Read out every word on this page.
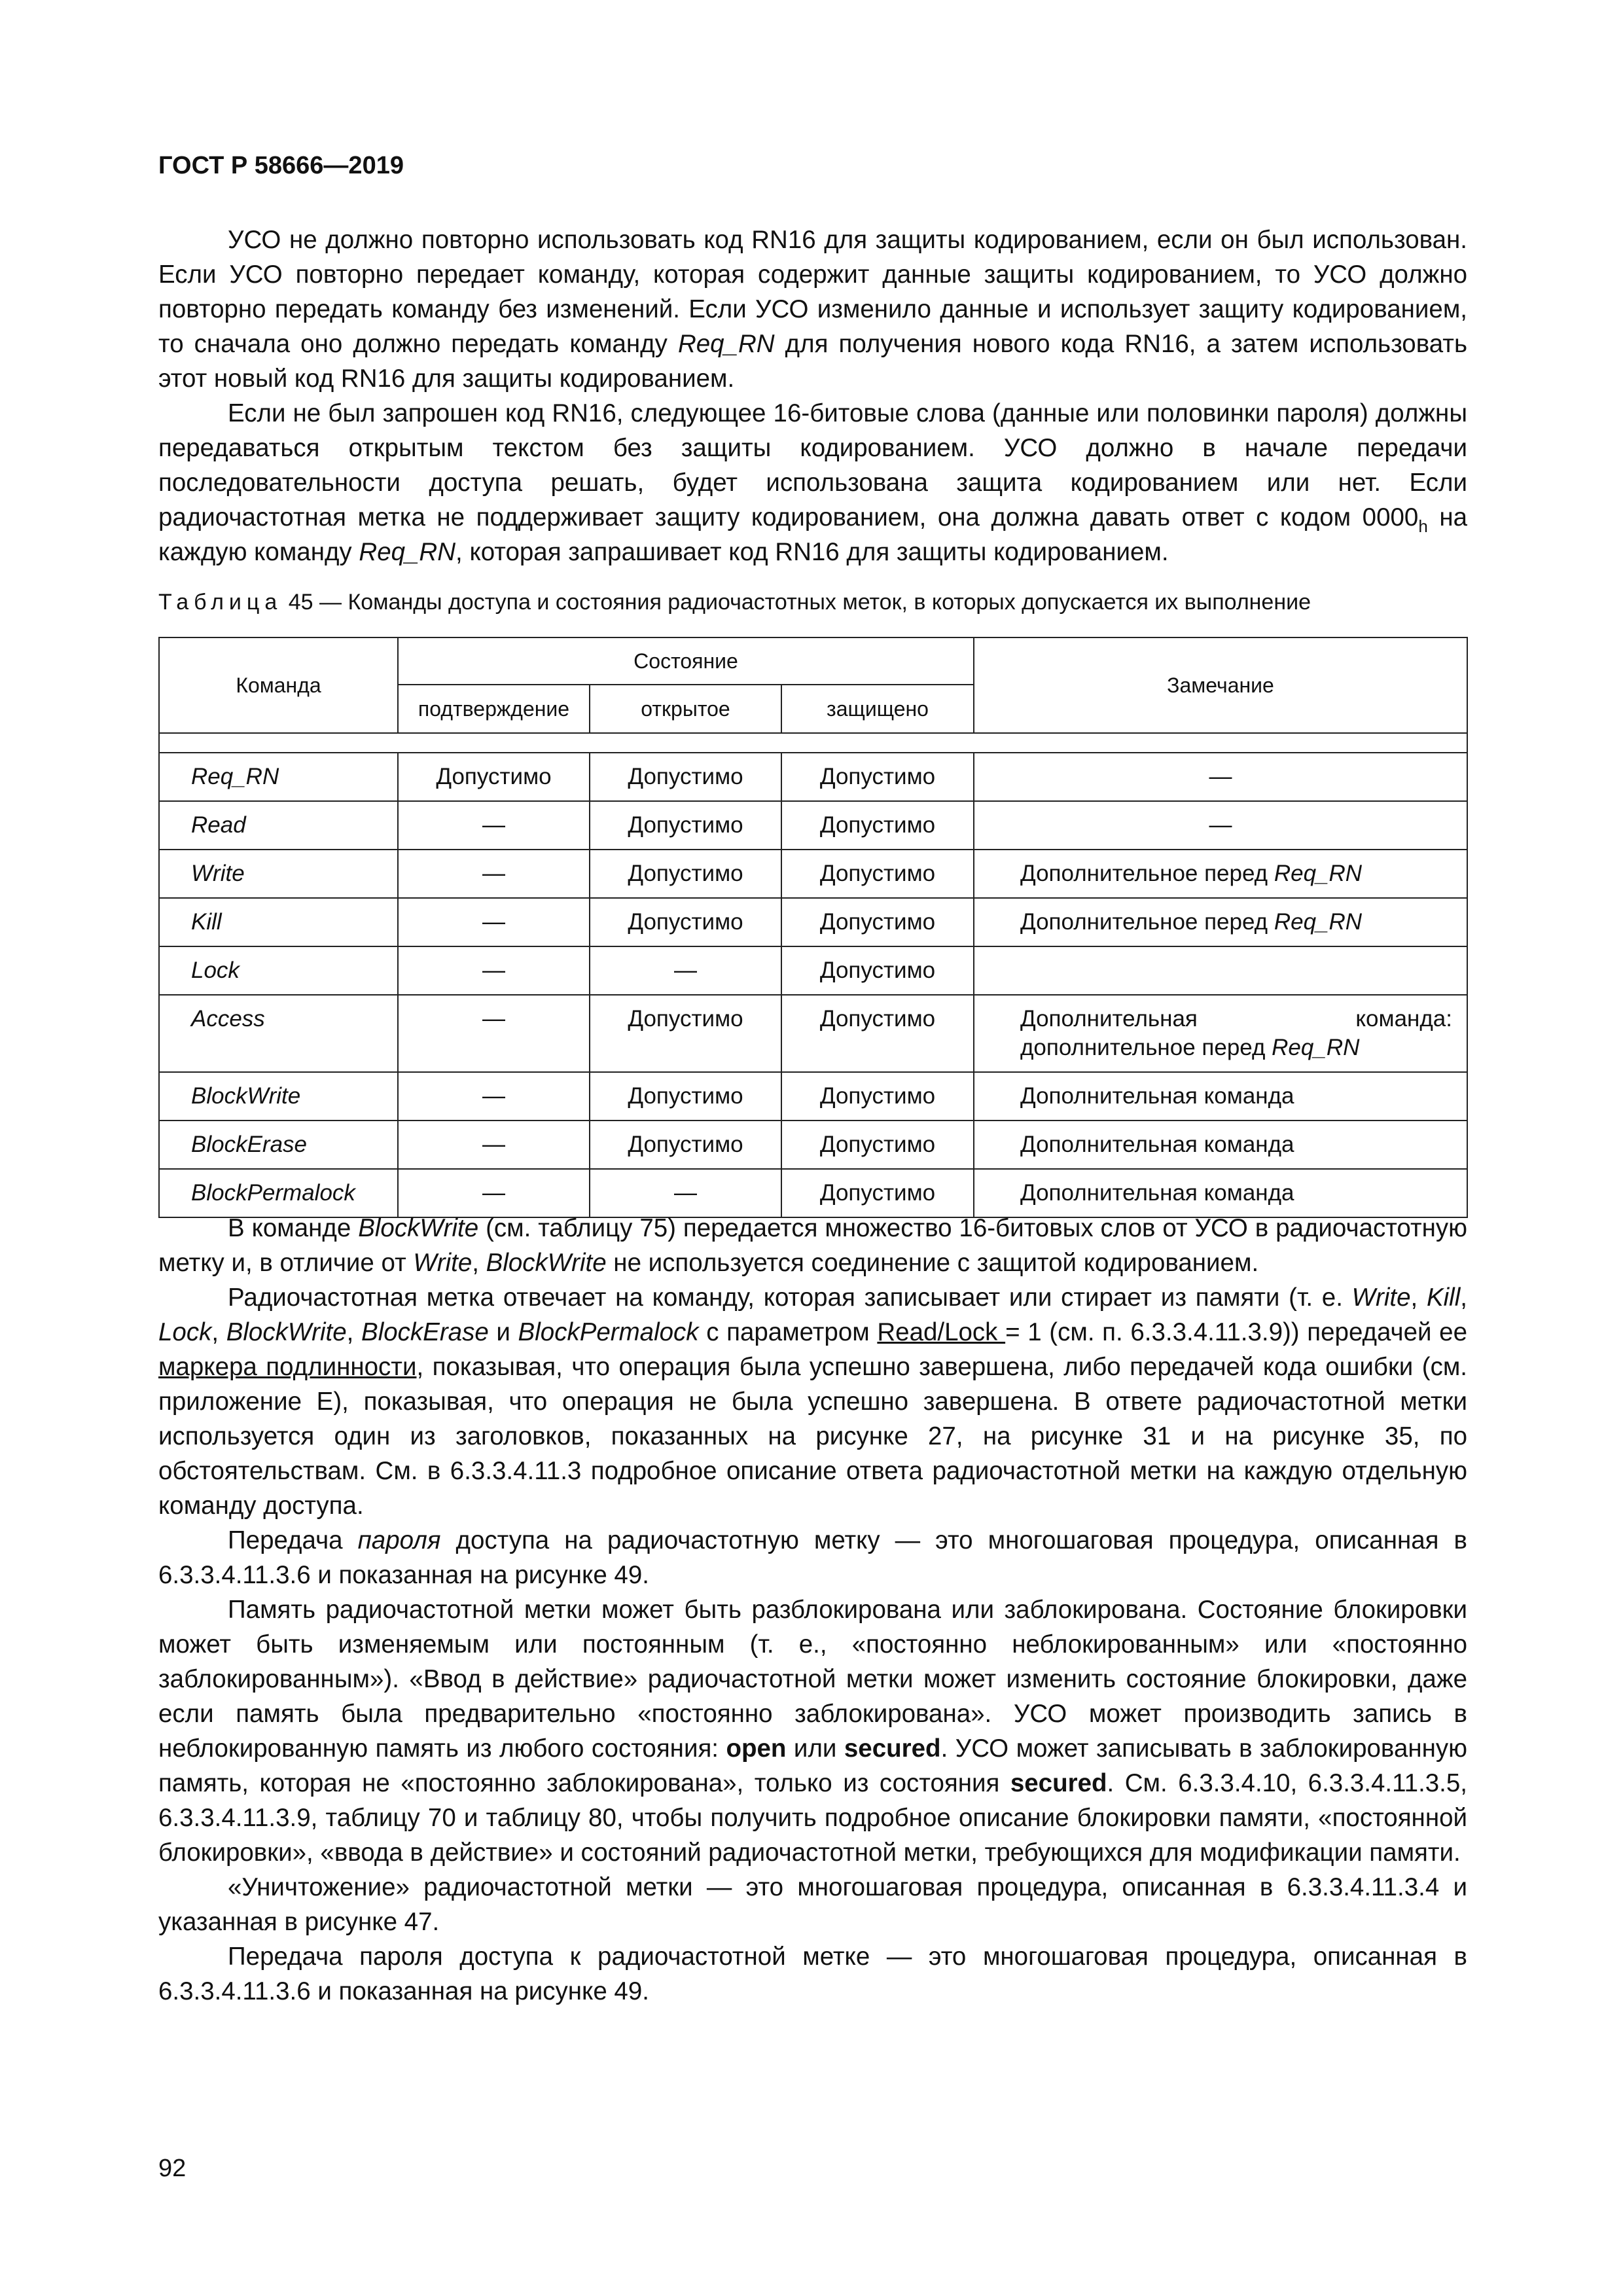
ГОСТ Р 58666—2019

УСО не должно повторно использовать код RN16 для защиты кодированием, если он был использован. Если УСО повторно передает команду, которая содержит данные защиты кодированием, то УСО должно повторно передать команду без изменений. Если УСО изменило данные и использует защиту кодированием, то сначала оно должно передать команду Req_RN для получения нового кода RN16, а затем использовать этот новый код RN16 для защиты кодированием.

Если не был запрошен код RN16, следующее 16-битовые слова (данные или половинки пароля) должны передаваться открытым текстом без защиты кодированием. УСО должно в начале передачи последовательности доступа решать, будет использована защита кодированием или нет. Если радиочастотная метка не поддерживает защиту кодированием, она должна давать ответ с кодом $0000_h$ на каждую команду Req_RN, которая запрашивает код RN16 для защиты кодированием.

Таблица 45 — Команды доступа и состояния радиочастотных меток, в которых допускается их выполнение

Команда	Состояние			Замечание
	подтверждение	открытое	защищено	

Req_RN	Допустимо	Допустимо	Допустимо	—
Read	—	Допустимо	Допустимо	—
Write	—	Допустимо	Допустимо	Дополнительное перед Req_RN
Kill	—	Допустимо	Допустимо	Дополнительное перед Req_RN
Lock	—	—	Допустимо	
Access	—	Допустимо	Допустимо	Дополнительная команда: дополнительное перед Req_RN
BlockWrite	—	Допустимо	Допустимо	Дополнительная команда
BlockErase	—	Допустимо	Допустимо	Дополнительная команда
BlockPermalock	—	—	Допустимо	Дополнительная команда

В команде BlockWrite (см. таблицу 75) передается множество 16-битовых слов от УСО в радиочастотную метку и, в отличие от Write, BlockWrite не используется соединение с защитой кодированием.

Радиочастотная метка отвечает на команду, которая записывает или стирает из памяти (т. е. Write, Kill, Lock, BlockWrite, BlockErase и BlockPermalock с параметром Read/Lock = 1 (см. п. 6.3.3.4.11.3.9)) передачей ее маркера подлинности, показывая, что операция была успешно завершена, либо передачей кода ошибки (см. приложение Е), показывая, что операция не была успешно завершена. В ответе радиочастотной метки используется один из заголовков, показанных на рисунке 27, на рисунке 31 и на рисунке 35, по обстоятельствам. См. в 6.3.3.4.11.3 подробное описание ответа радиочастотной метки на каждую отдельную команду доступа.

Передача пароля доступа на радиочастотную метку — это многошаговая процедура, описанная в 6.3.3.4.11.3.6 и показанная на рисунке 49.

Память радиочастотной метки может быть разблокирована или заблокирована. Состояние блокировки может быть изменяемым или постоянным (т. е., «постоянно неблокированным» или «постоянно заблокированным»). «Ввод в действие» радиочастотной метки может изменить состояние блокировки, даже если память была предварительно «постоянно заблокирована». УСО может производить запись в неблокированную память из любого состояния: open или secured. УСО может записывать в заблокированную память, которая не «постоянно заблокирована», только из состояния secured. См. 6.3.3.4.10, 6.3.3.4.11.3.5, 6.3.3.4.11.3.9, таблицу 70 и таблицу 80, чтобы получить подробное описание блокировки памяти, «постоянной блокировки», «ввода в действие» и состояний радиочастотной метки, требующихся для модификации памяти.

«Уничтожение» радиочастотной метки — это многошаговая процедура, описанная в 6.3.3.4.11.3.4 и указанная в рисунке 47.

Передача пароля доступа к радиочастотной метке — это многошаговая процедура, описанная в 6.3.3.4.11.3.6 и показанная на рисунке 49.

92
